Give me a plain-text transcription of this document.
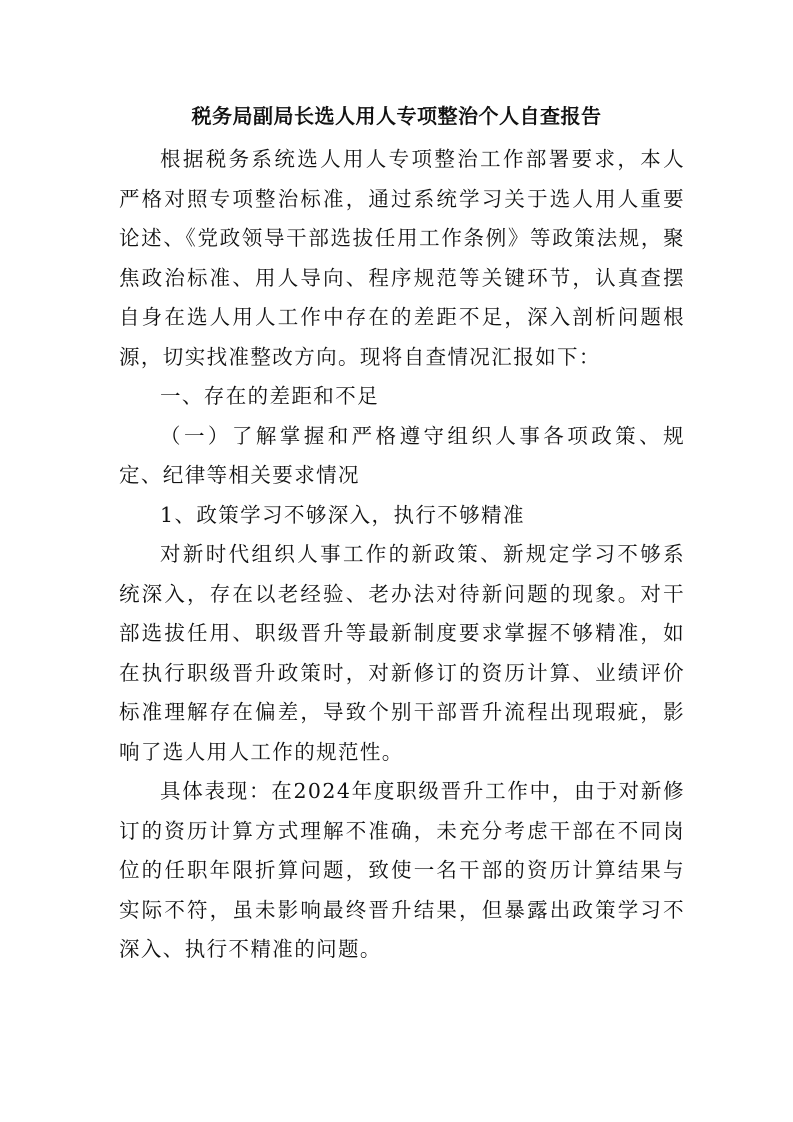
税务局副局长选人用人专项整治个人自查报告

根据税务系统选人用人专项整治工作部署要求，本人严格对照专项整治标准，通过系统学习关于选人用人重要论述、《党政领导干部选拔任用工作条例》等政策法规，聚焦政治标准、用人导向、程序规范等关键环节，认真查摆自身在选人用人工作中存在的差距不足，深入剖析问题根源，切实找准整改方向。现将自查情况汇报如下：

一、存在的差距和不足

（一）了解掌握和严格遵守组织人事各项政策、规定、纪律等相关要求情况

1、政策学习不够深入，执行不够精准

对新时代组织人事工作的新政策、新规定学习不够系统深入，存在以老经验、老办法对待新问题的现象。对干部选拔任用、职级晋升等最新制度要求掌握不够精准，如在执行职级晋升政策时，对新修订的资历计算、业绩评价标准理解存在偏差，导致个别干部晋升流程出现瑕疵，影响了选人用人工作的规范性。

具体表现：在2024年度职级晋升工作中，由于对新修订的资历计算方式理解不准确，未充分考虑干部在不同岗位的任职年限折算问题，致使一名干部的资历计算结果与实际不符，虽未影响最终晋升结果，但暴露出政策学习不深入、执行不精准的问题。
